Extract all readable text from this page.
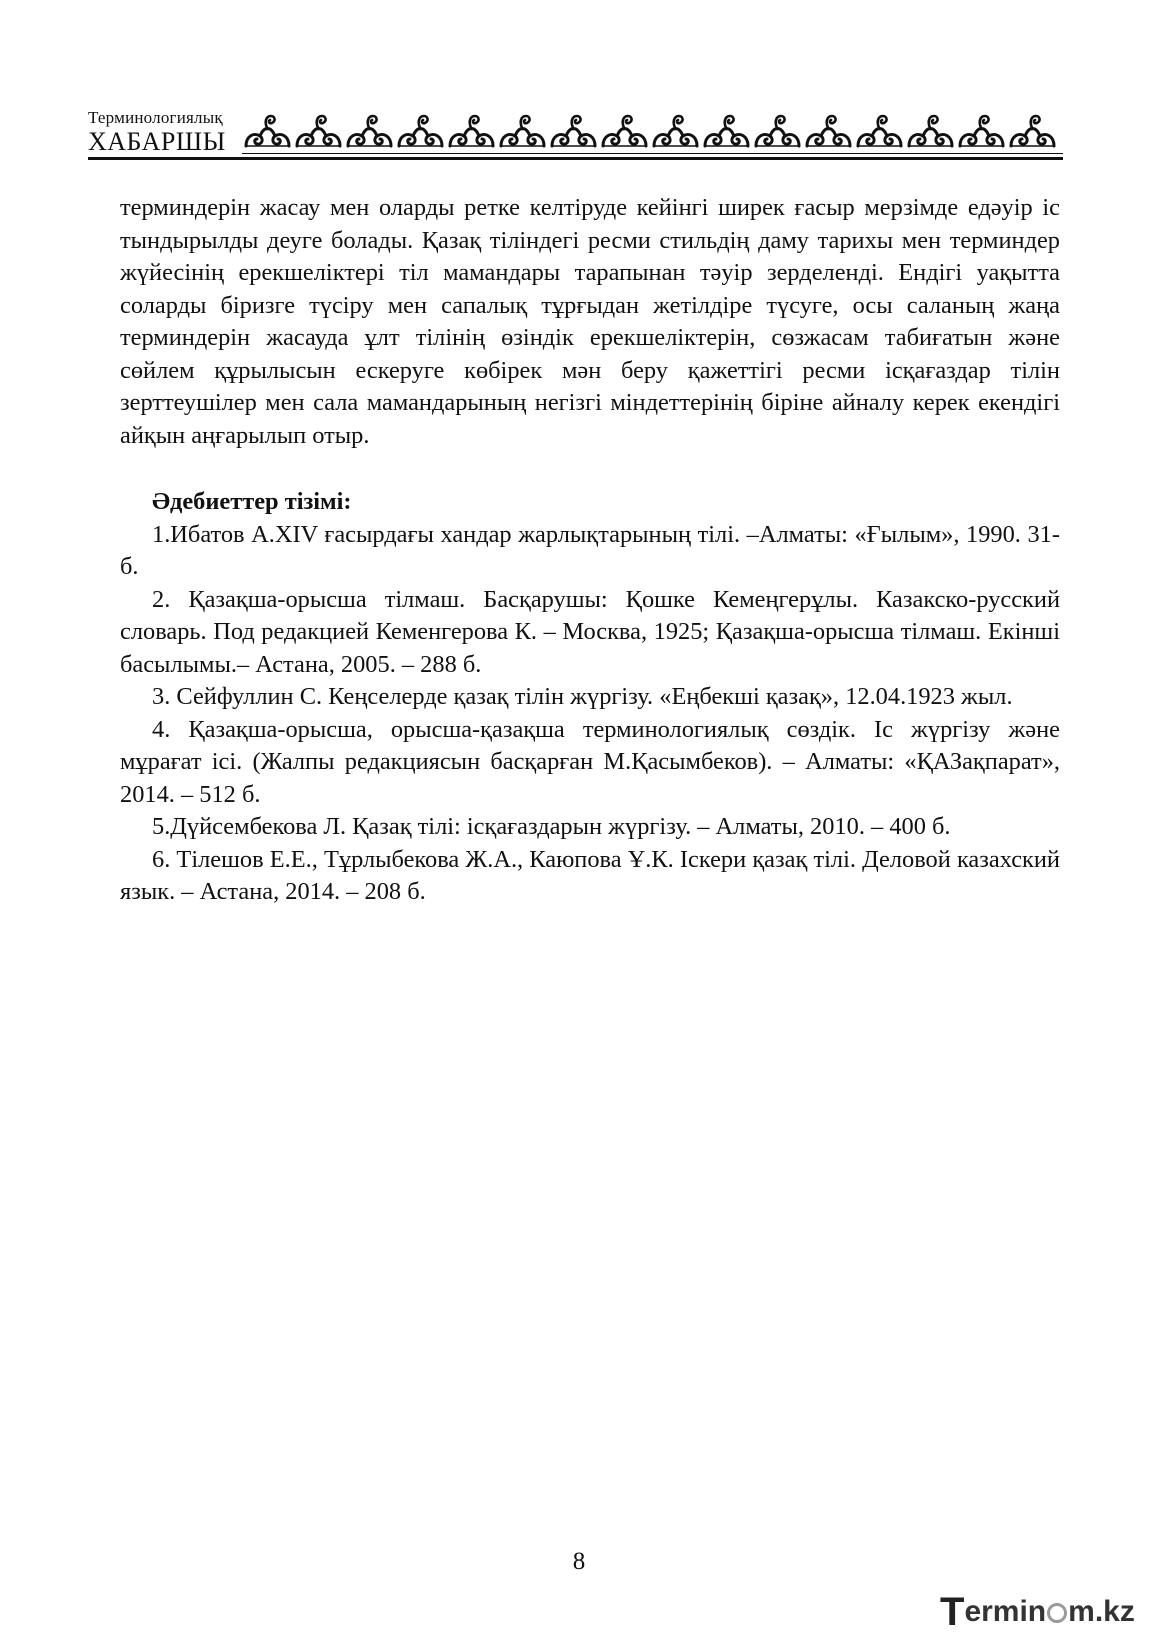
Терминологиялық
ХАБАРШЫ

терминдерін жасау мен оларды ретке келтіруде кейінгі ширек ғасыр мерзімде едәуір іс тындырылды деуге болады. Қазақ тіліндегі ресми стильдің даму тарихы мен терминдер жүйесінің ерекшеліктері тіл мамандары тарапынан тәуір зерделенді. Ендігі уақытта соларды біризге түсіру мен сапалық тұрғыдан жетілдіре түсуге, осы саланың жаңа терминдерін жасауда ұлт тілінің өзіндік ерекшеліктерін, сөзжасам табиғатын және сөйлем құрылысын ескеруге көбірек мән беру қажеттігі ресми ісқағаздар тілін зерттеушілер мен сала мамандарының негізгі міндеттерінің біріне айналу керек екендігі айқын аңғарылып отыр.

Әдебиеттер тізімі:

1.Ибатов А.XIV ғасырдағы хандар жарлықтарының тілі. –Алматы: «Ғылым», 1990. 31-б.

2. Қазақша-орысша тілмаш. Басқарушы: Қошке Кемеңгерұлы. Казакско-русский словарь. Под редакцией Кеменгерова К. – Москва, 1925; Қазақша-орысша тілмаш. Екінші басылымы.– Астана, 2005. – 288 б.

3. Сейфуллин С. Кеңселерде қазақ тілін жүргізу. «Еңбекші қазақ», 12.04.1923 жыл.

4. Қазақша-орысша, орысша-қазақша терминологиялық сөздік. Іс жүргізу және мұрағат ісі. (Жалпы редакциясын басқарған М.Қасымбеков). – Алматы: «ҚАЗақпарат», 2014. – 512 б.

5.Дүйсембекова Л. Қазақ тілі: ісқағаздарын жүргізу. – Алматы, 2010. – 400 б.

6. Тілешов Е.Е., Тұрлыбекова Ж.А., Каюпова Ұ.К. Іскери қазақ тілі. Деловой казахский язык. – Астана, 2014. – 208 б.

8
Termin m.kz
